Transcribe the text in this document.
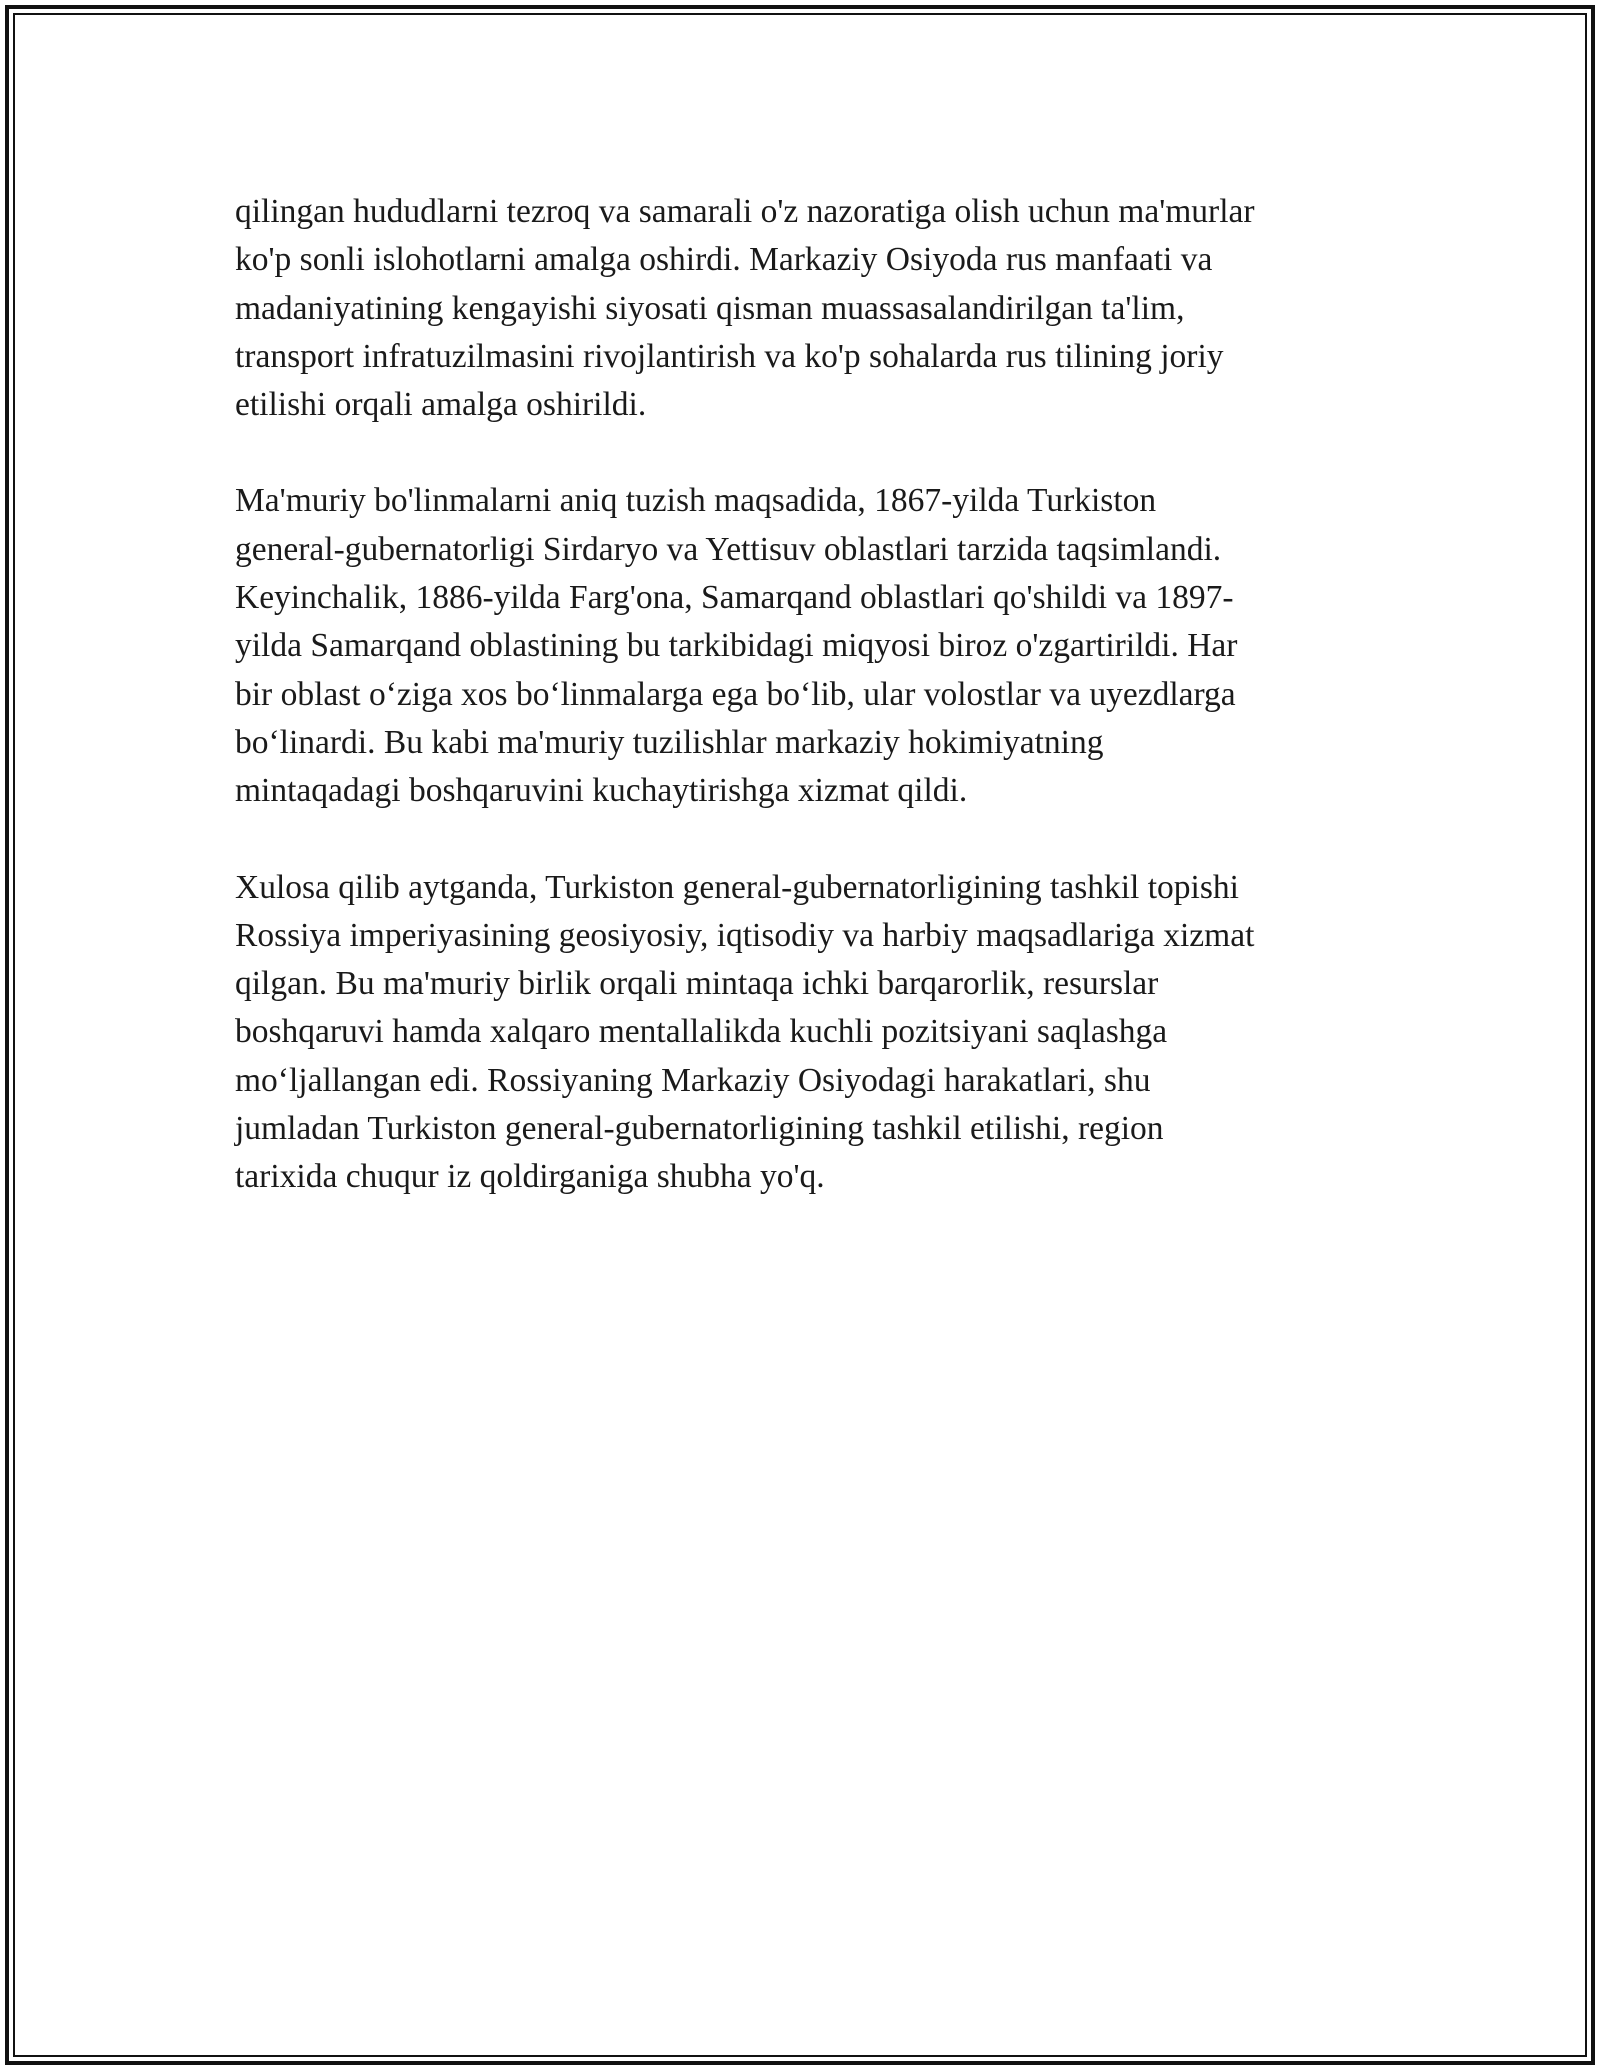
qilingan hududlarni tezroq va samarali o'z nazoratiga olish uchun ma'murlar
ko'p sonli islohotlarni amalga oshirdi. Markaziy Osiyoda rus manfaati va
madaniyatining kengayishi siyosati qisman muassasalandirilgan ta'lim,
transport infratuzilmasini rivojlantirish va ko'p sohalarda rus tilining joriy
etilishi orqali amalga oshirildi.

Ma'muriy bo'linmalarni aniq tuzish maqsadida, 1867-yilda Turkiston
general-gubernatorligi Sirdaryo va Yettisuv oblastlari tarzida taqsimlandi.
Keyinchalik, 1886-yilda Farg'ona, Samarqand oblastlari qo'shildi va 1897-
yilda Samarqand oblastining bu tarkibidagi miqyosi biroz o'zgartirildi. Har
bir oblast o‘ziga xos bo‘linmalarga ega bo‘lib, ular volostlar va uyezdlarga
bo‘linardi. Bu kabi ma'muriy tuzilishlar markaziy hokimiyatning
mintaqadagi boshqaruvini kuchaytirishga xizmat qildi.

Xulosa qilib aytganda, Turkiston general-gubernatorligining tashkil topishi
Rossiya imperiyasining geosiyosiy, iqtisodiy va harbiy maqsadlariga xizmat
qilgan. Bu ma'muriy birlik orqali mintaqa ichki barqarorlik, resurslar
boshqaruvi hamda xalqaro mentallalikda kuchli pozitsiyani saqlashga
mo‘ljallangan edi. Rossiyaning Markaziy Osiyodagi harakatlari, shu
jumladan Turkiston general-gubernatorligining tashkil etilishi, region
tarixida chuqur iz qoldirganiga shubha yo'q.
